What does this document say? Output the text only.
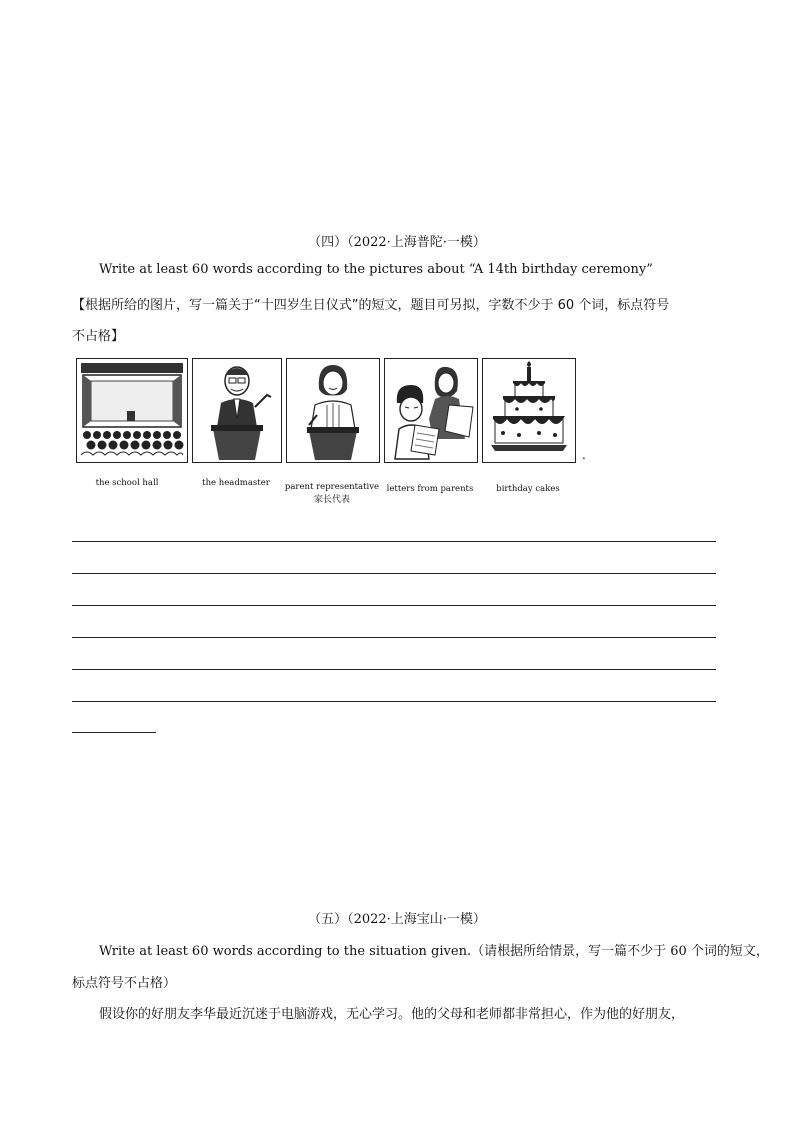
（四）（2022·上海普陀·一模）
Write at least 60 words according to the pictures about “A 14th birthday ceremony”
【根据所给的图片，写一篇关于“十四岁生日仪式”的短文，题目可另拟，字数不少于 60 个词，标点符号
不占格】
.
the school hall	the headmaster	parent representative
家长代表
letters from parents	birthday cakes
（五）（2022·上海宝山·一模）
Write at least 60 words according to the situation given.（请根据所给情景，写一篇不少于 60 个词的短文，
标点符号不占格）
假设你的好朋友李华最近沉迷于电脑游戏，无心学习。他的父母和老师都非常担心，作为他的好朋友，
